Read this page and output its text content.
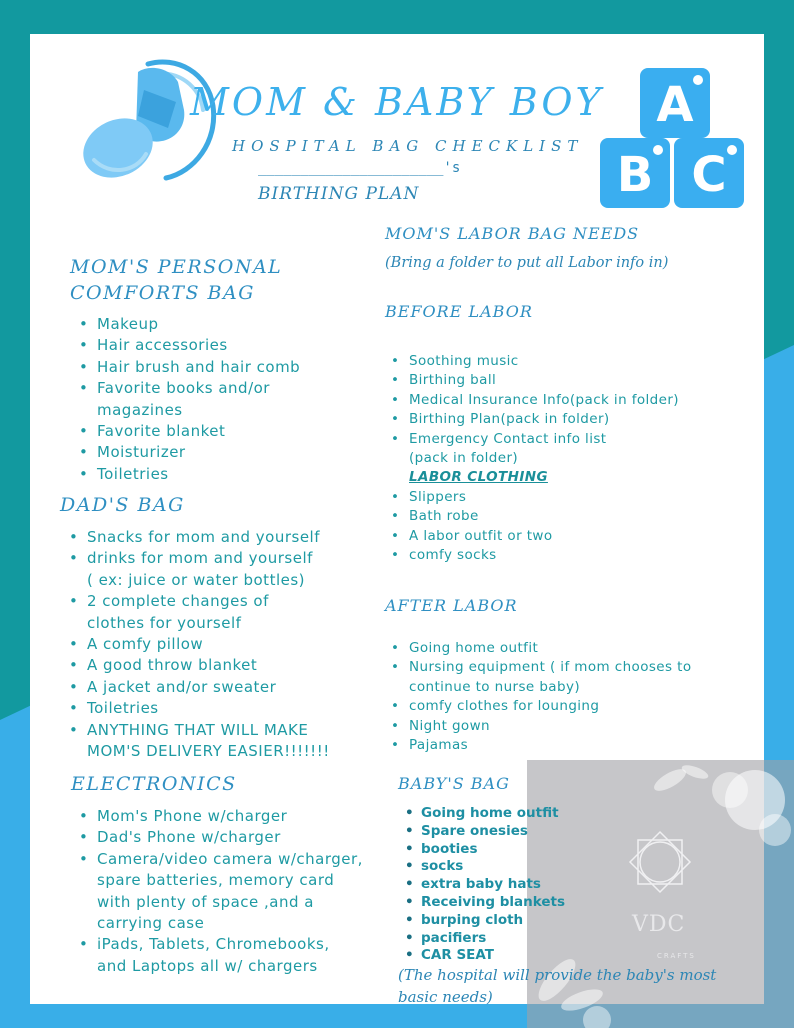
A
B C
MOM & BABY BOY
HOSPITAL BAG CHECKLIST
______________________'s
BIRTHING PLAN
MOM'S PERSONAL
COMFORTS BAG
• Makeup
• Hair accessories
• Hair brush and hair comb
• Favorite books and/or
magazines
• Favorite blanket
• Moisturizer
• Toiletries
DAD'S BAG
• Snacks for mom and yourself
• drinks for mom and yourself
( ex: juice or water bottles)
• 2 complete changes of
clothes for yourself
• A comfy pillow
• A good throw blanket
• A jacket and/or sweater
• Toiletries
• ANYTHING THAT WILL MAKE
MOM'S DELIVERY EASIER!!!!!!!
ELECTRONICS
• Mom's Phone w/charger
• Dad's Phone w/charger
• Camera/video camera w/charger,
spare batteries, memory card
with plenty of space ,and a
carrying case
• iPads, Tablets, Chromebooks,
and Laptops all w/ chargers
MOM'S LABOR BAG NEEDS
(Bring a folder to put all Labor info in)
BEFORE LABOR
• Soothing music
• Birthing ball
• Medical Insurance Info(pack in folder)
• Birthing Plan(pack in folder)
• Emergency Contact info list
(pack in folder)
LABOR CLOTHING
• Slippers
• Bath robe
• A labor outfit or two
• comfy socks
AFTER LABOR
• Going home outfit
• Nursing equipment ( if mom chooses to
continue to nurse baby)
• comfy clothes for lounging
• Night gown
• Pajamas
VDC
CRAFTS
BABY'S BAG
• Going home outfit
• Spare onesies
• booties
• socks
• extra baby hats
• Receiving blankets
• burping cloth
• pacifiers
• CAR SEAT
(The hospital will provide the baby's most basic needs)
